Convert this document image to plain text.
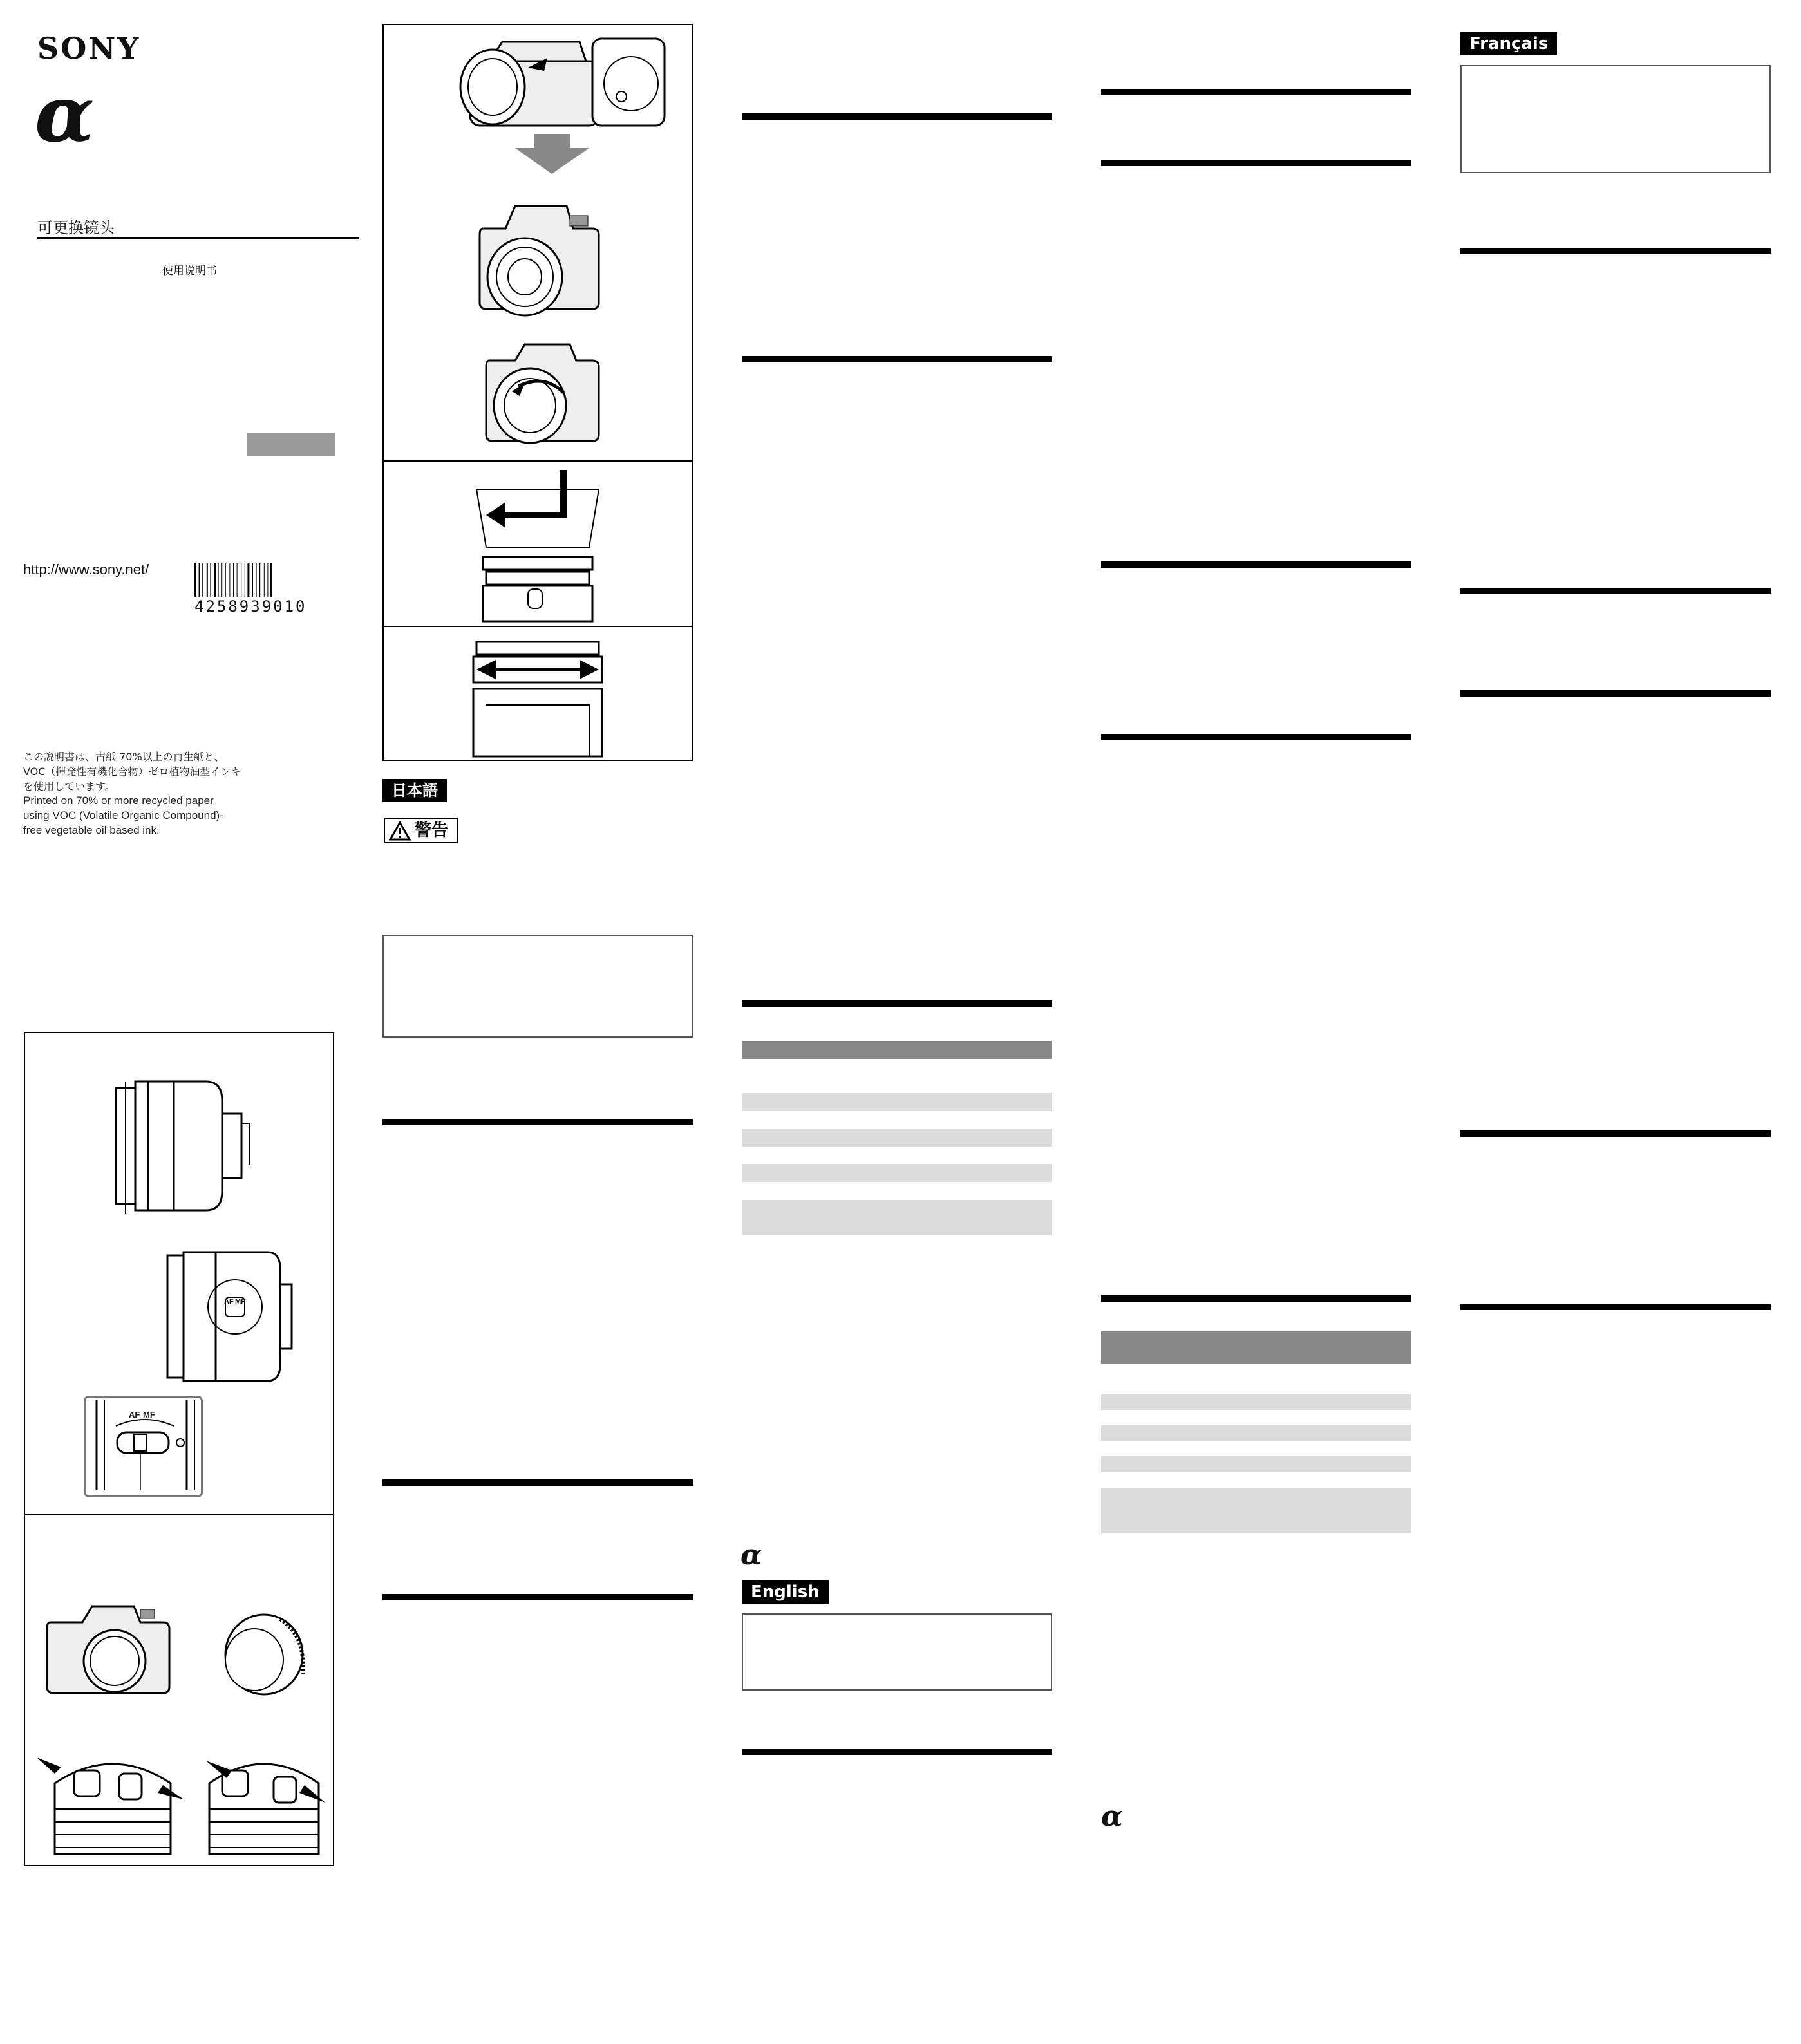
SONY
α
可更换镜头
使用说明书
http://www.sony.net/
4258939010
この説明書は、古紙 70%以上の再生紙と、
VOC（揮発性有機化合物）ゼロ植物油型インキ
を使用しています。
Printed on 70% or more recycled paper
using VOC (Volatile Organic Compound)-
free vegetable oil based ink.
AF MF
AF MF
日本語
警告
α
English
α
Français
